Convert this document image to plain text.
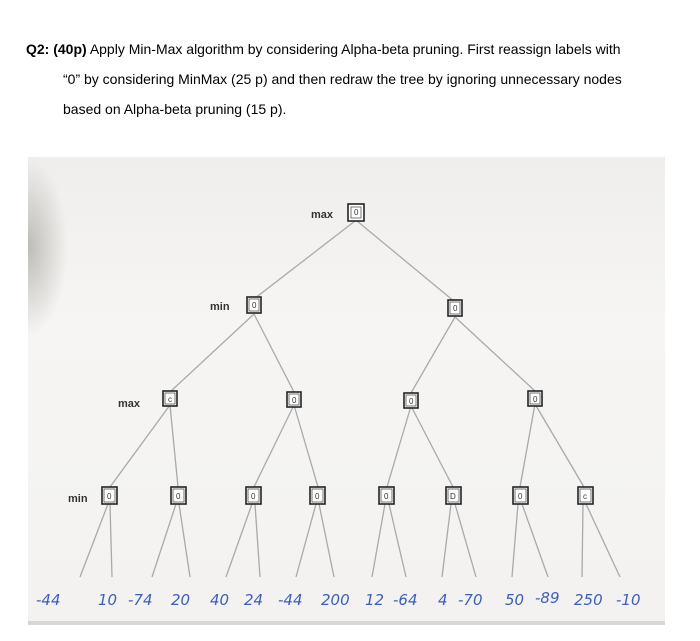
Q2: (40p) Apply Min-Max algorithm by considering Alpha-beta pruning. First reassign labels with
“0” by considering MinMax (25 p) and then redraw the tree by ignoring unnecessary nodes
based on Alpha-beta pruning (15 p).
max
min
max
min
0
0	0
c	0	0	0
0	0	0	0	0	D	0	c
-44	10 -74 20 40 24 -44 200 12 -64 4 -70 50 -89 250 -10
